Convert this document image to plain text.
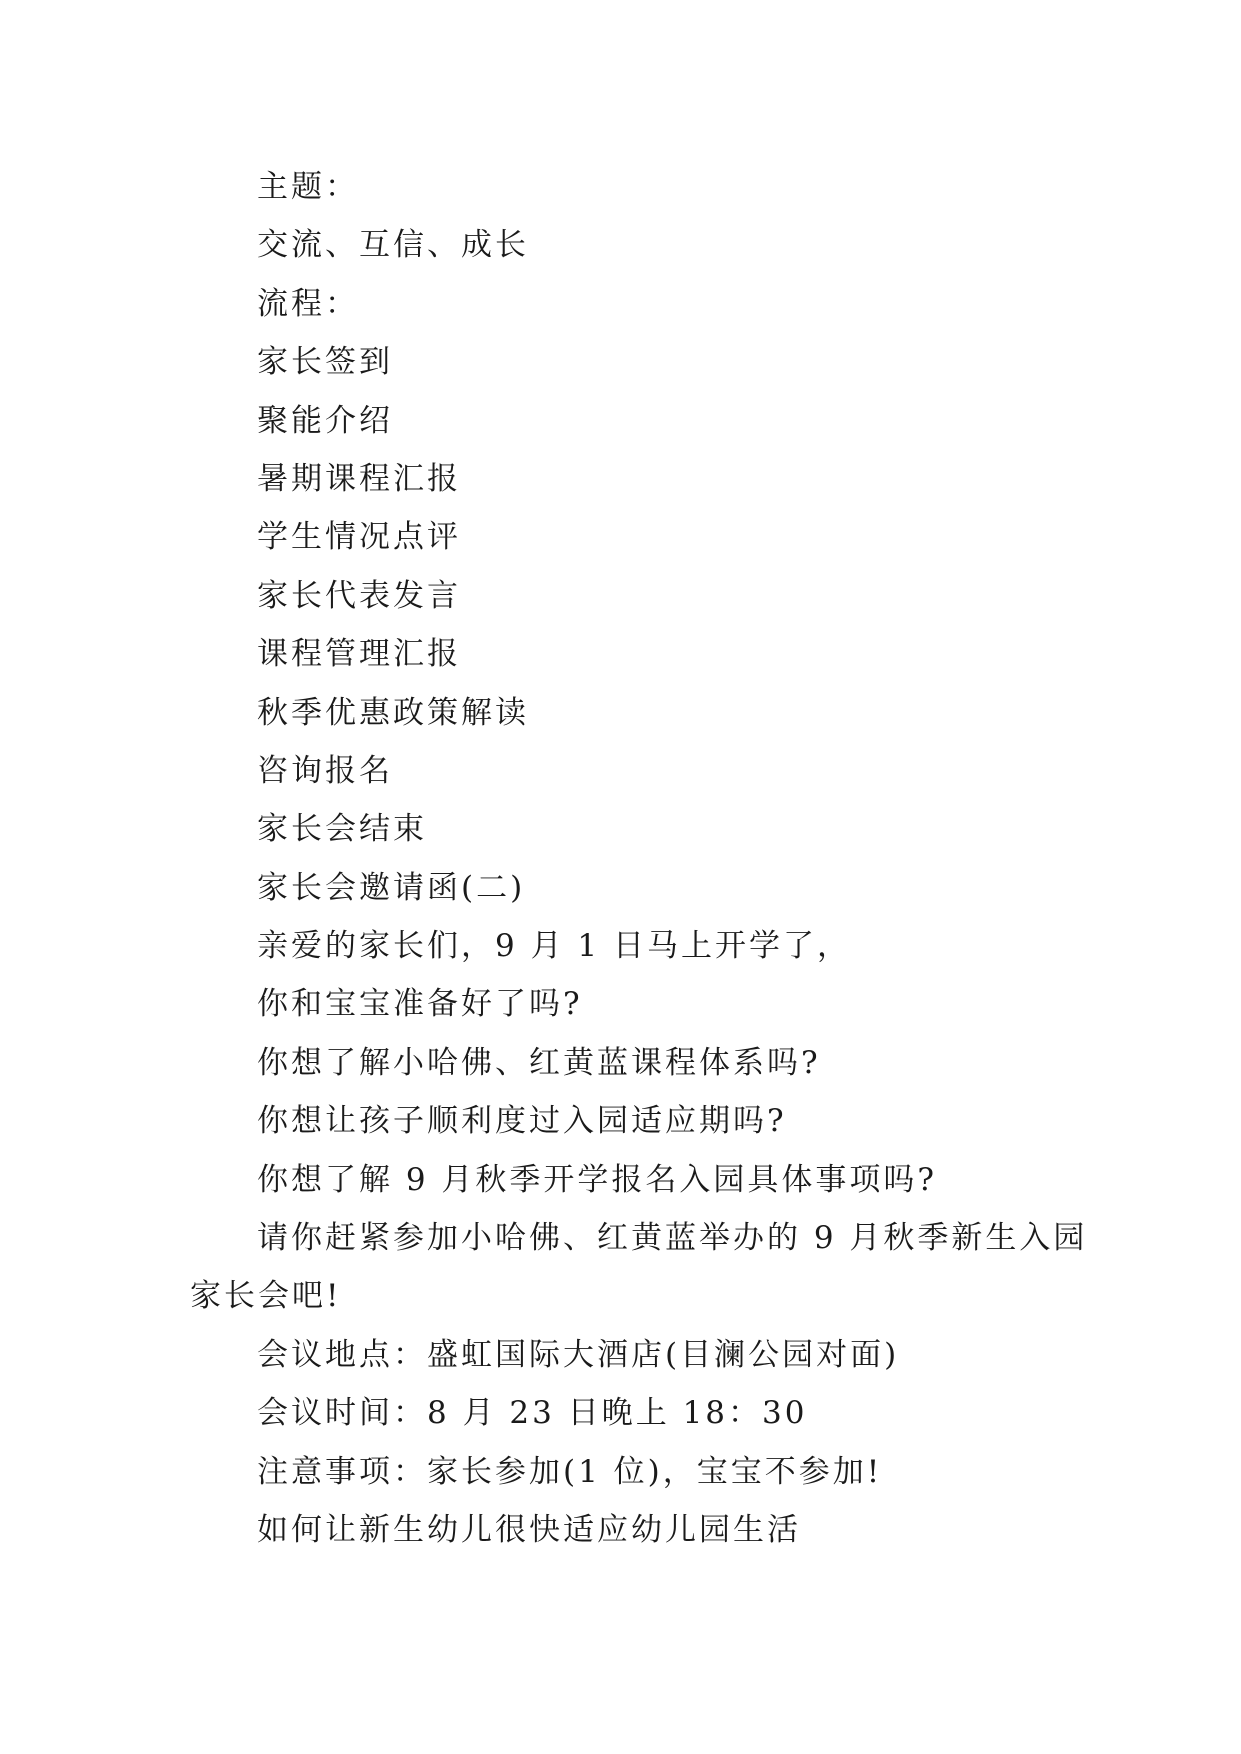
主题：
交流、互信、成长
流程：
家长签到
聚能介绍
暑期课程汇报
学生情况点评
家长代表发言
课程管理汇报
秋季优惠政策解读
咨询报名
家长会结束
家长会邀请函(二)
亲爱的家长们，9 月 1 日马上开学了，
你和宝宝准备好了吗?
你想了解小哈佛、红黄蓝课程体系吗?
你想让孩子顺利度过入园适应期吗?
你想了解 9 月秋季开学报名入园具体事项吗?
请你赶紧参加小哈佛、红黄蓝举办的 9 月秋季新生入园
家长会吧!
会议地点：盛虹国际大酒店(目澜公园对面)
会议时间：8 月 23 日晚上 18：30
注意事项：家长参加(1 位)，宝宝不参加!
如何让新生幼儿很快适应幼儿园生活
